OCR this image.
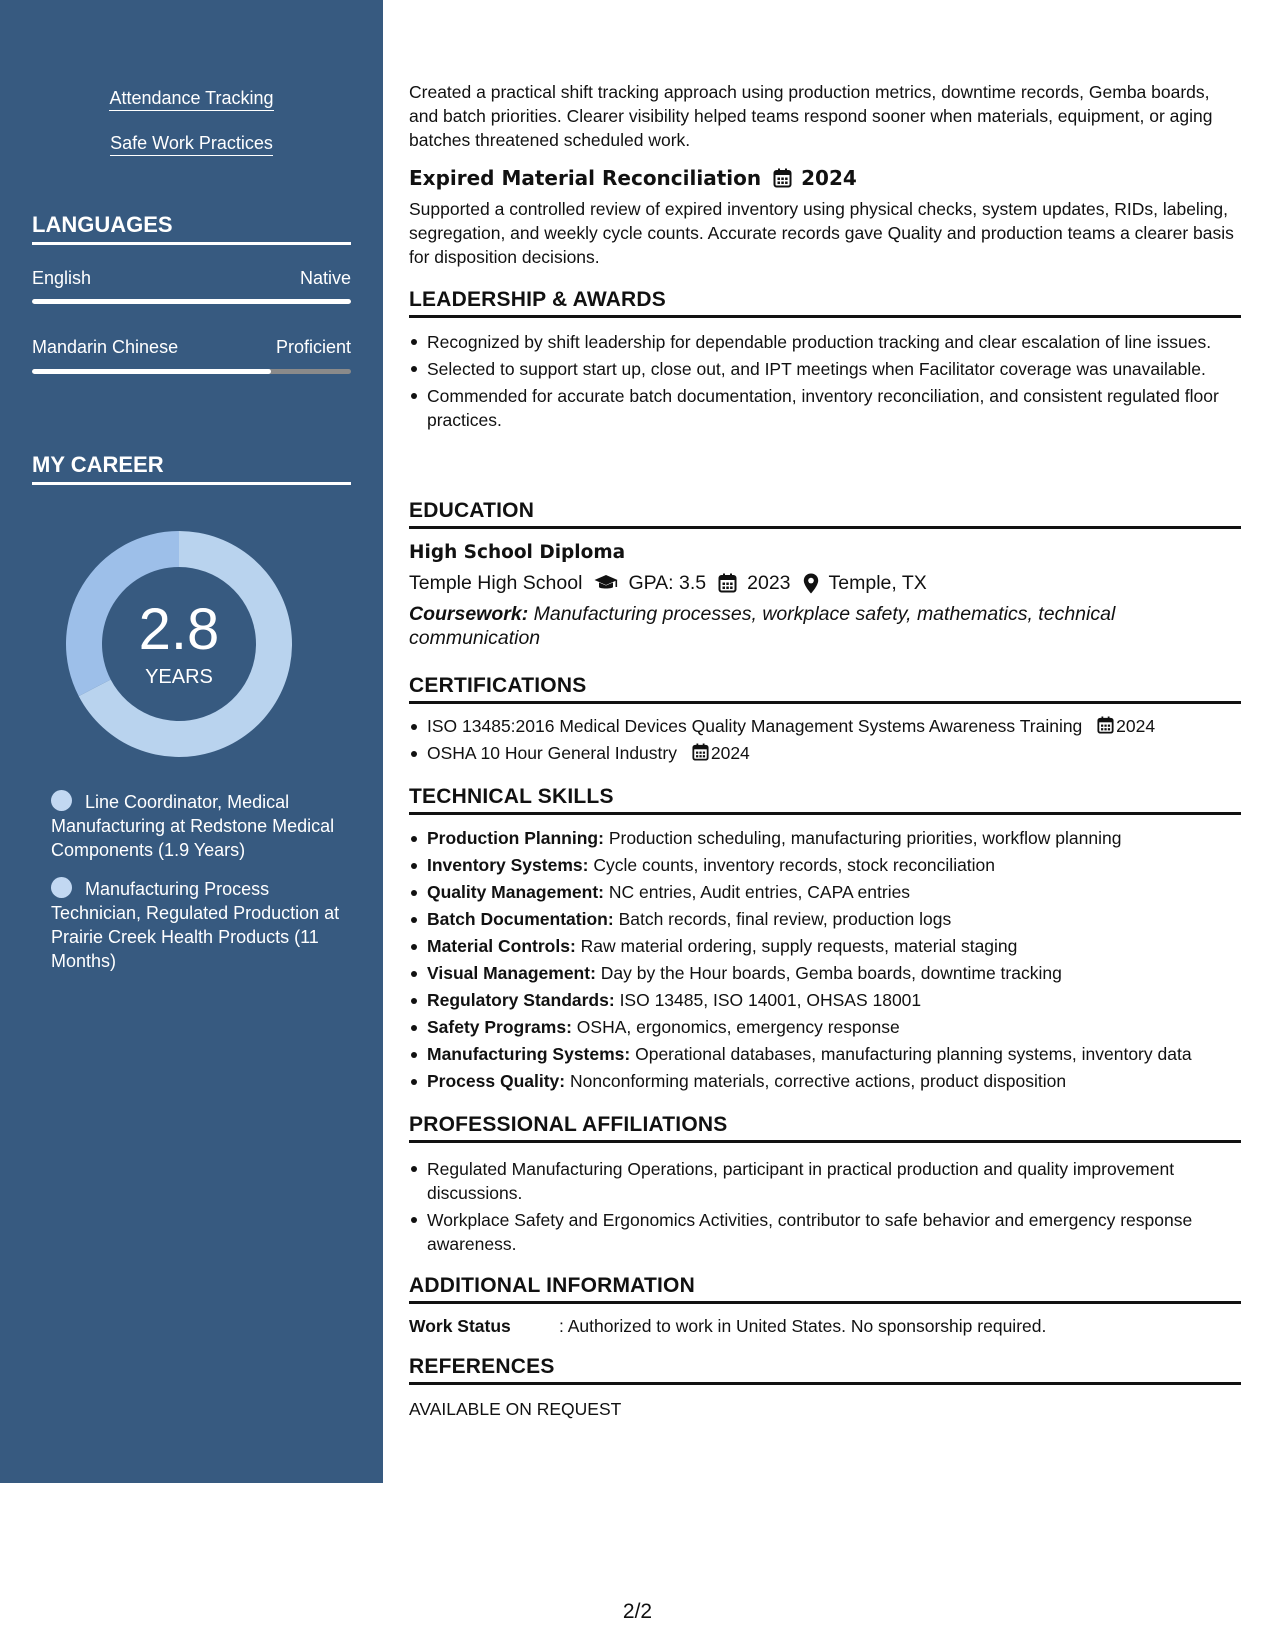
Attendance Tracking
Safe Work Practices
LANGUAGES
English	Native
Mandarin Chinese	Proficient
MY CAREER
2.8
YEARS
Line Coordinator, Medical Manufacturing at Redstone Medical Components (1.9 Years)
Manufacturing Process Technician, Regulated Production at Prairie Creek Health Products (11 Months)
Created a practical shift tracking approach using production metrics, downtime records, Gemba boards, and batch priorities. Clearer visibility helped teams respond sooner when materials, equipment, or aging batches threatened scheduled work.
Expired Material Reconciliation 2024
Supported a controlled review of expired inventory using physical checks, system updates, RIDs, labeling, segregation, and weekly cycle counts. Accurate records gave Quality and production teams a clearer basis for disposition decisions.
LEADERSHIP & AWARDS
Recognized by shift leadership for dependable production tracking and clear escalation of line issues.
Selected to support start up, close out, and IPT meetings when Facilitator coverage was unavailable.
Commended for accurate batch documentation, inventory reconciliation, and consistent regulated floor practices.
EDUCATION
High School Diploma
Temple High School GPA: 3.5 2023 Temple, TX
Coursework: Manufacturing processes, workplace safety, mathematics, technical communication
CERTIFICATIONS
ISO 13485:2016 Medical Devices Quality Management Systems Awareness Training 2024
OSHA 10 Hour General Industry 2024
TECHNICAL SKILLS
Production Planning: Production scheduling, manufacturing priorities, workflow planning
Inventory Systems: Cycle counts, inventory records, stock reconciliation
Quality Management: NC entries, Audit entries, CAPA entries
Batch Documentation: Batch records, final review, production logs
Material Controls: Raw material ordering, supply requests, material staging
Visual Management: Day by the Hour boards, Gemba boards, downtime tracking
Regulatory Standards: ISO 13485, ISO 14001, OHSAS 18001
Safety Programs: OSHA, ergonomics, emergency response
Manufacturing Systems: Operational databases, manufacturing planning systems, inventory data
Process Quality: Nonconforming materials, corrective actions, product disposition
PROFESSIONAL AFFILIATIONS
Regulated Manufacturing Operations, participant in practical production and quality improvement discussions.
Workplace Safety and Ergonomics Activities, contributor to safe behavior and emergency response awareness.
ADDITIONAL INFORMATION
Work Status	: Authorized to work in United States. No sponsorship required.
REFERENCES
AVAILABLE ON REQUEST
2/2
